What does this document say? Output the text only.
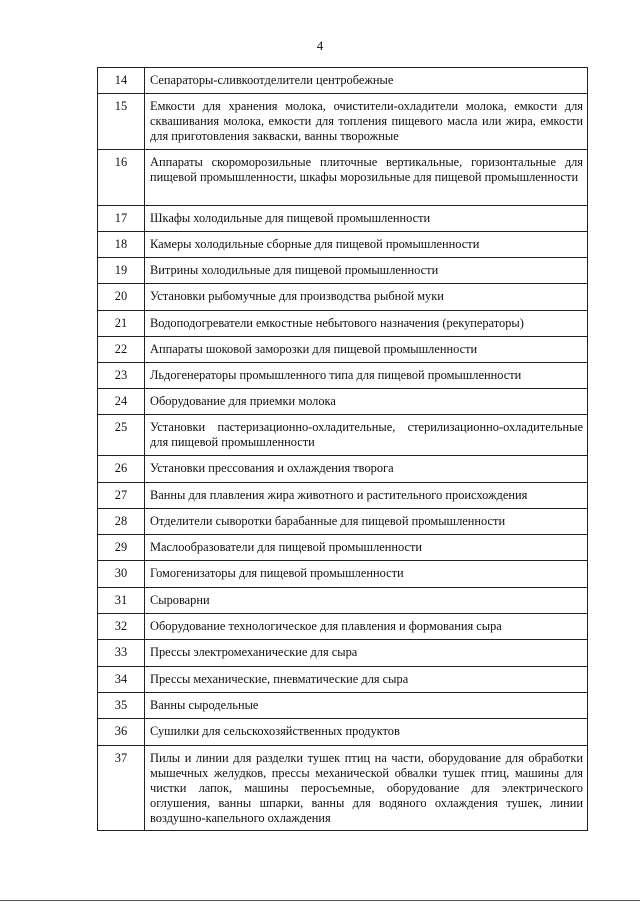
4
14	Сепараторы-сливкоотделители центробежные
15	Емкости для хранения молока, очистители-охладители молока, емкости для сквашивания молока, емкости для топления пищевого масла или жира, емкости для приготовления закваски, ванны творожные
16	Аппараты скороморозильные плиточные вертикальные, горизонтальные для пищевой промышленности, шкафы морозильные для пищевой промышленности
17	Шкафы холодильные для пищевой промышленности
18	Камеры холодильные сборные для пищевой промышленности
19	Витрины холодильные для пищевой промышленности
20	Установки рыбомучные для производства рыбной муки
21	Водоподогреватели емкостные небытового назначения (рекуператоры)
22	Аппараты шоковой заморозки для пищевой промышленности
23	Льдогенераторы промышленного типа для пищевой промышленности
24	Оборудование для приемки молока
25	Установки пастеризационно-охладительные, стерилизационно-охладительные для пищевой промышленности
26	Установки прессования и охлаждения творога
27	Ванны для плавления жира животного и растительного происхождения
28	Отделители сыворотки барабанные для пищевой промышленности
29	Маслообразователи для пищевой промышленности
30	Гомогенизаторы для пищевой промышленности
31	Сыроварни
32	Оборудование технологическое для плавления и формования сыра
33	Прессы электромеханические для сыра
34	Прессы механические, пневматические для сыра
35	Ванны сыродельные
36	Сушилки для сельскохозяйственных продуктов
37	Пилы и линии для разделки тушек птиц на части, оборудование для обработки мышечных желудков, прессы механической обвалки тушек птиц, машины для чистки лапок, машины перосъемные, оборудование для электрического оглушения, ванны шпарки, ванны для водяного охлаждения тушек, линии воздушно-капельного охлаждения
